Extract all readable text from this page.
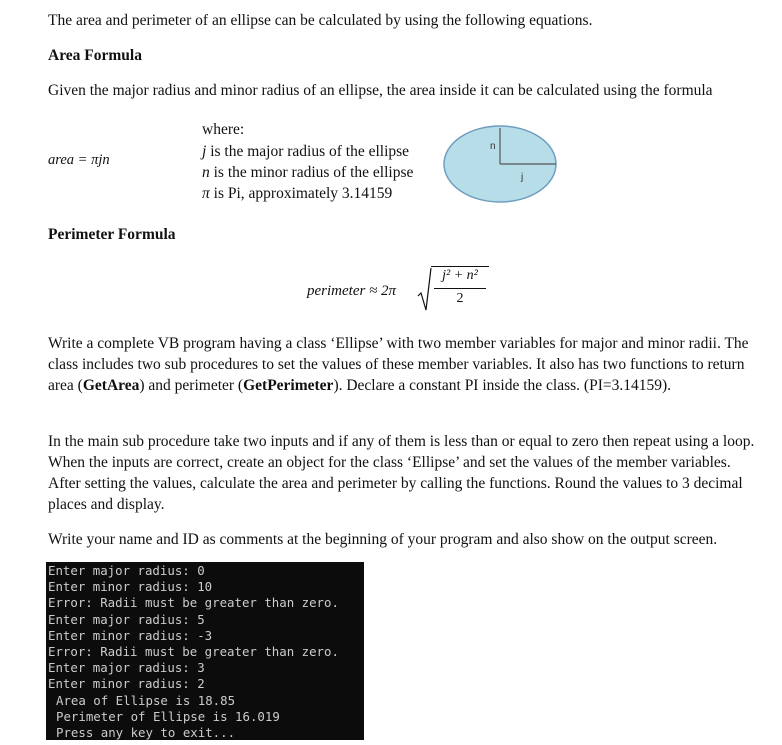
The area and perimeter of an ellipse can be calculated by using the following equations.
Area Formula
Given the major radius and minor radius of an ellipse, the area inside it can be calculated using the formula
area = πjn
where:
j is the major radius of the ellipse
n is the minor radius of the ellipse
π is Pi, approximately 3.14159
n
j
Perimeter Formula
perimeter ≈ 2π
j² + n²
2
Write a complete VB program having a class ‘Ellipse’ with two member variables for major and minor radii. The class includes two sub procedures to set the values of these member variables. It also has two functions to return area (GetArea) and perimeter (GetPerimeter). Declare a constant PI inside the class. (PI=3.14159).
In the main sub procedure take two inputs and if any of them is less than or equal to zero then repeat using a loop. When the inputs are correct, create an object for the class ‘Ellipse’ and set the values of the member variables. After setting the values, calculate the area and perimeter by calling the functions. Round the values to 3 decimal places and display.
Write your name and ID as comments at the beginning of your program and also show on the output screen.
Enter major radius: 0
Enter minor radius: 10
Error: Radii must be greater than zero.
Enter major radius: 5
Enter minor radius: -3
Error: Radii must be greater than zero.
Enter major radius: 3
Enter minor radius: 2
Area of Ellipse is 18.85
Perimeter of Ellipse is 16.019
Press any key to exit...
